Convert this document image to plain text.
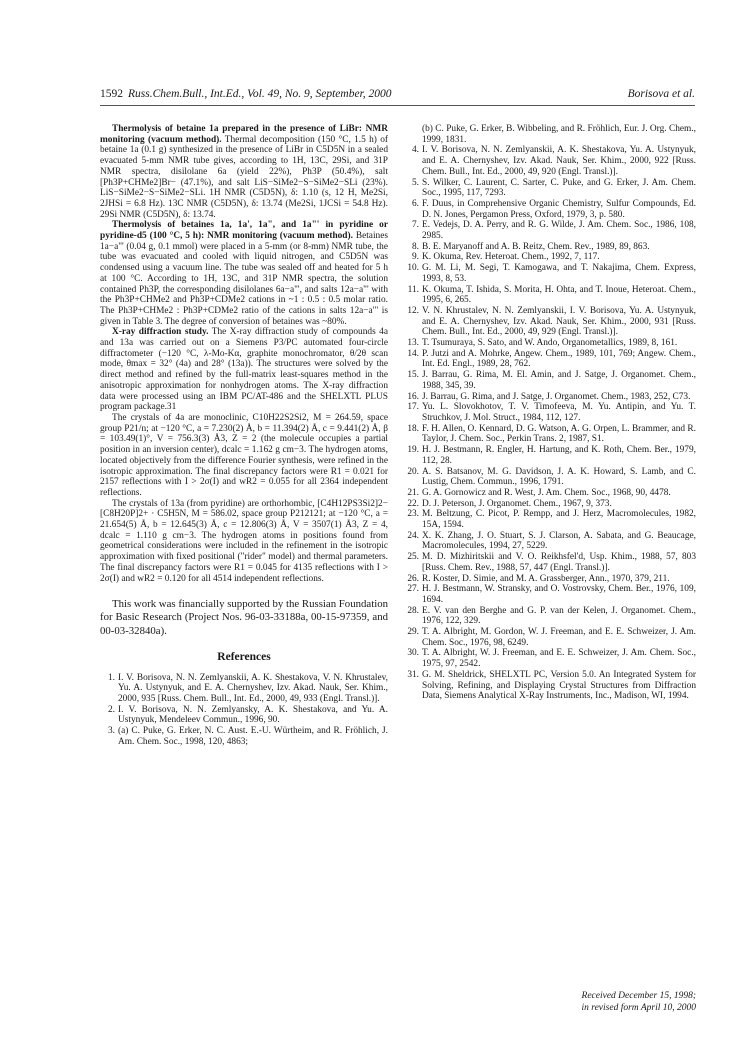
1592 Russ.Chem.Bull., Int.Ed., Vol. 49, No. 9, September, 2000	Borisova et al.

Thermolysis of betaine 1a prepared in the presence of LiBr: NMR monitoring (vacuum method). Thermal decomposition (150 °C, 1.5 h) of betaine 1a (0.1 g) synthesized in the presence of LiBr in C5D5N in a sealed evacuated 5-mm NMR tube gives, according to 1H, 13C, 29Si, and 31P NMR spectra, disilolane 6a (yield 22%), Ph3P (50.4%), salt [Ph3P+CHMe2]Br− (47.1%), and salt LiS−SiMe2−S−SiMe2−SLi (23%). LiS−SiMe2−S−SiMe2−SLi. 1H NMR (C5D5N), δ: 1.10 (s, 12 H, Me2Si, 2JHSi = 6.8 Hz). 13C NMR (C5D5N), δ: 13.74 (Me2Si, 1JCSi = 54.8 Hz). 29Si NMR (C5D5N), δ: 13.74.

Thermolysis of betaines 1a, 1a', 1a", and 1a"' in pyridine or pyridine-d5 (100 °C, 5 h): NMR monitoring (vacuum method). Betaines 1a−a"' (0.04 g, 0.1 mmol) were placed in a 5-mm (or 8-mm) NMR tube, the tube was evacuated and cooled with liquid nitrogen, and C5D5N was condensed using a vacuum line. The tube was sealed off and heated for 5 h at 100 °C. According to 1H, 13C, and 31P NMR spectra, the solution contained Ph3P, the corresponding disilolanes 6a−a"', and salts 12a−a"' with the Ph3P+CHMe2 and Ph3P+CDMe2 cations in ~1 : 0.5 : 0.5 molar ratio. The Ph3P+CHMe2 : Ph3P+CDMe2 ratio of the cations in salts 12a−a"' is given in Table 3. The degree of conversion of betaines was ~80%.

X-ray diffraction study. The X-ray diffraction study of compounds 4a and 13a was carried out on a Siemens P3/PC automated four-circle diffractometer (−120 °C, λ-Mo-Kα, graphite monochromator, θ/2θ scan mode, θmax = 32° (4a) and 28° (13a)). The structures were solved by the direct method and refined by the full-matrix least-squares method in the anisotropic approximation for nonhydrogen atoms. The X-ray diffraction data were processed using an IBM PC/AT-486 and the SHELXTL PLUS program package.31

The crystals of 4a are monoclinic, C10H22S2Si2, M = 264.59, space group P21/n; at −120 °C, a = 7.230(2) Å, b = 11.394(2) Å, c = 9.441(2) Å, β = 103.49(1)°, V = 756.3(3) Å3, Z = 2 (the molecule occupies a partial position in an inversion center), dcalc = 1.162 g cm−3. The hydrogen atoms, located objectively from the difference Fourier synthesis, were refined in the isotropic approximation. The final discrepancy factors were R1 = 0.021 for 2157 reflections with I > 2σ(I) and wR2 = 0.055 for all 2364 independent reflections.

The crystals of 13a (from pyridine) are orthorhombic, [C4H12PS3Si2]2−[C8H20P]2+ · C5H5N, M = 586.02, space group P212121; at −120 °C, a = 21.654(5) Å, b = 12.645(3) Å, c = 12.806(3) Å, V = 3507(1) Å3, Z = 4, dcalc = 1.110 g cm−3. The hydrogen atoms in positions found from geometrical considerations were included in the refinement in the isotropic approximation with fixed positional ("rider" model) and thermal parameters. The final discrepancy factors were R1 = 0.045 for 4135 reflections with I > 2σ(I) and wR2 = 0.120 for all 4514 independent reflections.

This work was financially supported by the Russian Foundation for Basic Research (Project Nos. 96-03-33188a, 00-15-97359, and 00-03-32840a).

References
1. I. V. Borisova, N. N. Zemlyanskii, A. K. Shestakova, V. N. Khrustalev, Yu. A. Ustynyuk, and E. A. Chernyshev, Izv. Akad. Nauk, Ser. Khim., 2000, 935 [Russ. Chem. Bull., Int. Ed., 2000, 49, 933 (Engl. Transl.)].
2. I. V. Borisova, N. N. Zemlyansky, A. K. Shestakova, and Yu. A. Ustynyuk, Mendeleev Commun., 1996, 90.
3. (a) C. Puke, G. Erker, N. C. Aust. E.-U. Würtheim, and R. Fröhlich, J. Am. Chem. Soc., 1998, 120, 4863;
(b) C. Puke, G. Erker, B. Wibbeling, and R. Fröhlich, Eur. J. Org. Chem., 1999, 1831.
4. I. V. Borisova, N. N. Zemlyanskii, A. K. Shestakova, Yu. A. Ustynyuk, and E. A. Chernyshev, Izv. Akad. Nauk, Ser. Khim., 2000, 922 [Russ. Chem. Bull., Int. Ed., 2000, 49, 920 (Engl. Transl.)].
5. S. Wilker, C. Laurent, C. Sarter, C. Puke, and G. Erker, J. Am. Chem. Soc., 1995, 117, 7293.
6. F. Duus, in Comprehensive Organic Chemistry, Sulfur Compounds, Ed. D. N. Jones, Pergamon Press, Oxford, 1979, 3, p. 580.
7. E. Vedejs, D. A. Perry, and R. G. Wilde, J. Am. Chem. Soc., 1986, 108, 2985.
8. B. E. Maryanoff and A. B. Reitz, Chem. Rev., 1989, 89, 863.
9. K. Okuma, Rev. Heteroat. Chem., 1992, 7, 117.
10. G. M. Li, M. Segi, T. Kamogawa, and T. Nakajima, Chem. Express, 1993, 8, 53.
11. K. Okuma, T. Ishida, S. Morita, H. Ohta, and T. Inoue, Heteroat. Chem., 1995, 6, 265.
12. V. N. Khrustalev, N. N. Zemlyanskii, I. V. Borisova, Yu. A. Ustynyuk, and E. A. Chernyshev, Izv. Akad. Nauk, Ser. Khim., 2000, 931 [Russ. Chem. Bull., Int. Ed., 2000, 49, 929 (Engl. Transl.)].
13. T. Tsumuraya, S. Sato, and W. Ando, Organometallics, 1989, 8, 161.
14. P. Jutzi and A. Mohrke, Angew. Chem., 1989, 101, 769; Angew. Chem., Int. Ed. Engl., 1989, 28, 762.
15. J. Barrau, G. Rima, M. El. Amin, and J. Satge, J. Organomet. Chem., 1988, 345, 39.
16. J. Barrau, G. Rima, and J. Satge, J. Organomet. Chem., 1983, 252, C73.
17. Yu. L. Slovokhotov, T. V. Timofeeva, M. Yu. Antipin, and Yu. T. Struchkov, J. Mol. Struct., 1984, 112, 127.
18. F. H. Allen, O. Kennard, D. G. Watson, A. G. Orpen, L. Brammer, and R. Taylor, J. Chem. Soc., Perkin Trans. 2, 1987, S1.
19. H. J. Bestmann, R. Engler, H. Hartung, and K. Roth, Chem. Ber., 1979, 112, 28.
20. A. S. Batsanov, M. G. Davidson, J. A. K. Howard, S. Lamb, and C. Lustig, Chem. Commun., 1996, 1791.
21. G. A. Gornowicz and R. West, J. Am. Chem. Soc., 1968, 90, 4478.
22. D. J. Peterson, J. Organomet. Chem., 1967, 9, 373.
23. M. Beltzung, C. Picot, P. Rempp, and J. Herz, Macromolecules, 1982, 15A, 1594.
24. X. K. Zhang, J. O. Stuart, S. J. Clarson, A. Sabata, and G. Beaucage, Macromolecules, 1994, 27, 5229.
25. M. D. Mizhiritskii and V. O. Reikhsfel'd, Usp. Khim., 1988, 57, 803 [Russ. Chem. Rev., 1988, 57, 447 (Engl. Transl.)].
26. R. Koster, D. Simie, and M. A. Grassberger, Ann., 1970, 379, 211.
27. H. J. Bestmann, W. Stransky, and O. Vostrovsky, Chem. Ber., 1976, 109, 1694.
28. E. V. van den Berghe and G. P. van der Kelen, J. Organomet. Chem., 1976, 122, 329.
29. T. A. Albright, M. Gordon, W. J. Freeman, and E. E. Schweizer, J. Am. Chem. Soc., 1976, 98, 6249.
30. T. A. Albright, W. J. Freeman, and E. E. Schweizer, J. Am. Chem. Soc., 1975, 97, 2542.
31. G. M. Sheldrick, SHELXTL PC, Version 5.0. An Integrated System for Solving, Refining, and Displaying Crystal Structures from Diffraction Data, Siemens Analytical X-Ray Instruments, Inc., Madison, WI, 1994.
Received December 15, 1998;
in revised form April 10, 2000
